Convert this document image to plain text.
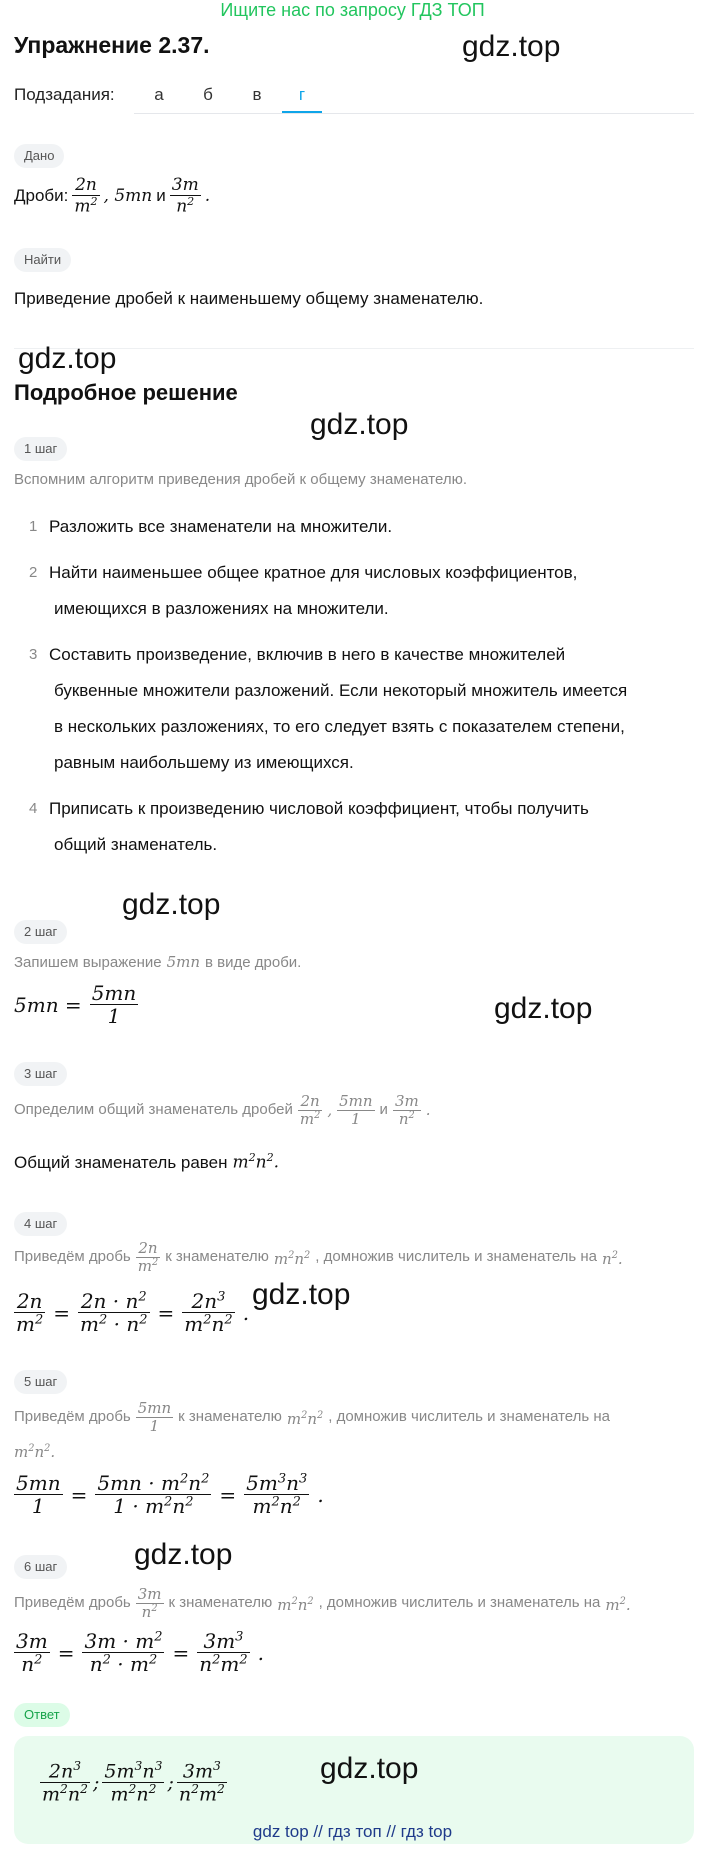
Ищите нас по запросу ГДЗ ТОП
Упражнение 2.37.	gdz.top
Подзадания:	а	б	в	г
Дано
Дроби: $\frac{2n}{m^2}$ , 5mn и $\frac{3m}{n^2}$ .
Найти
Приведение дробей к наименьшему общему знаменателю.
gdz.top
Подробное решение
gdz.top
1 шаг
Вспомним алгоритм приведения дробей к общему знаменателю.
1 Разложить все знаменатели на множители.
2 Найти наименьшее общее кратное для числовых коэффициентов,
имеющихся в разложениях на множители.
3 Составить произведение, включив в него в качестве множителей
буквенные множители разложений. Если некоторый множитель имеется
в нескольких разложениях, то его следует взять с показателем степени,
равным наибольшему из имеющихся.
4 Приписать к произведению числовой коэффициент, чтобы получить
общий знаменатель.
gdz.top
2 шаг
Запишем выражение 5mn в виде дроби.
$5mn = \frac{5mn}{1}$	gdz.top
3 шаг
Определим общий знаменатель дробей $\frac{2n}{m^2}$ , $\frac{5mn}{1}$ и $\frac{3m}{n^2}$ .
Общий знаменатель равен $m^2n^2$.
4 шаг
Приведём дробь $\frac{2n}{m^2}$ к знаменателю $m^2n^2$ , домножив числитель и знаменатель на $n^2$.
$\frac{2n}{m^2} = \frac{2n \cdot n^2}{m^2 \cdot n^2} = \frac{2n^3}{m^2n^2}$ .
gdz.top
5 шаг
Приведём дробь $\frac{5mn}{1}$ к знаменателю $m^2n^2$ , домножив числитель и знаменатель на
$m^2n^2$.
$\frac{5mn}{1} = \frac{5mn \cdot m^2n^2}{1 \cdot m^2n^2} = \frac{5m^3n^3}{m^2n^2}$ .
gdz.top
6 шаг
Приведём дробь $\frac{3m}{n^2}$ к знаменателю $m^2n^2$ , домножив числитель и знаменатель на $m^2$.
$\frac{3m}{n^2} = \frac{3m \cdot m^2}{n^2 \cdot m^2} = \frac{3m^3}{n^2m^2}$ .
Ответ
$\frac{2n^3}{m^2n^2}$ ; $\frac{5m^3n^3}{m^2n^2}$ ; $\frac{3m^3}{n^2m^2}$	gdz.top
gdz top // гдз топ // гдз top
